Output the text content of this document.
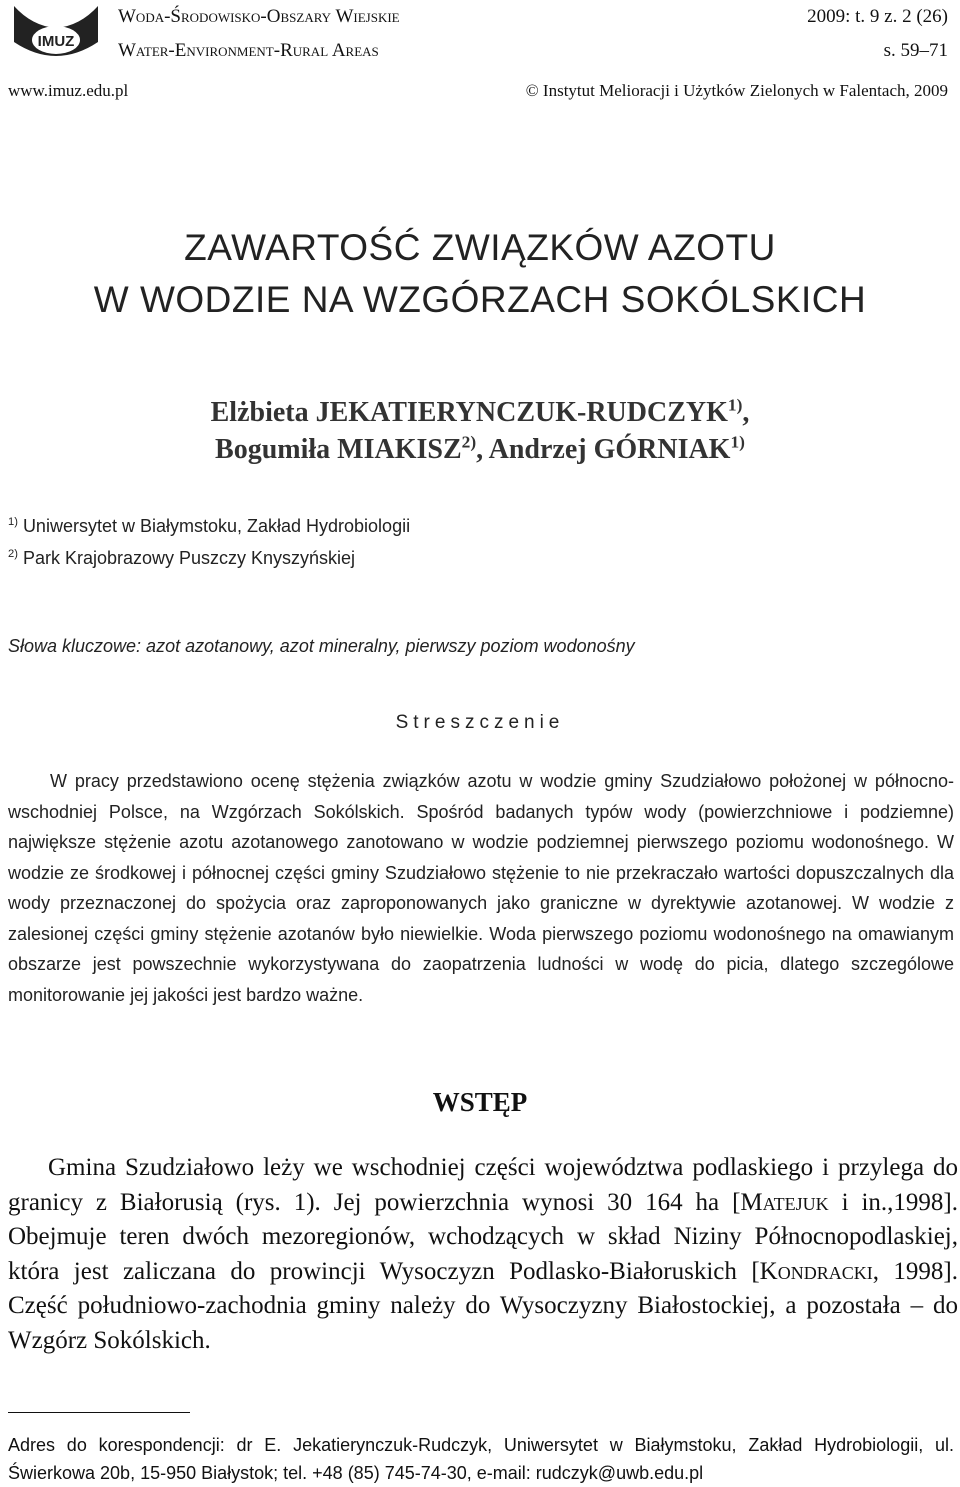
IMUZ
Woda-Środowisko-Obszary Wiejskie
Water-Environment-Rural Areas
2009: t. 9 z. 2 (26)
s. 59–71
www.imuz.edu.pl	© Instytut Melioracji i Użytków Zielonych w Falentach, 2009
ZAWARTOŚĆ ZWIĄZKÓW AZOTU
W WODZIE NA WZGÓRZACH SOKÓLSKICH
Elżbieta JEKATIERYNCZUK-RUDCZYK$^{1)}$,
Bogumiła MIAKISZ$^{2)}$, Andrzej GÓRNIAK$^{1)}$
$^{1)}$ Uniwersytet w Białymstoku, Zakład Hydrobiologii
$^{2)}$ Park Krajobrazowy Puszczy Knyszyńskiej
Słowa kluczowe: azot azotanowy, azot mineralny, pierwszy poziom wodonośny
Streszczenie

W pracy przedstawiono ocenę stężenia związków azotu w wodzie gminy Szudziałowo położonej w północno-wschodniej Polsce, na Wzgórzach Sokólskich. Spośród badanych typów wody (powierzchniowe i podziemne) największe stężenie azotu azotanowego zanotowano w wodzie podziemnej pierwszego poziomu wodonośnego. W wodzie ze środkowej i północnej części gminy Szudziałowo stężenie to nie przekraczało wartości dopuszczalnych dla wody przeznaczonej do spożycia oraz zaproponowanych jako graniczne w dyrektywie azotanowej. W wodzie z zalesionej części gminy stężenie azotanów było niewielkie. Woda pierwszego poziomu wodonośnego na omawianym obszarze jest powszechnie wykorzystywana do zaopatrzenia ludności w wodę do picia, dlatego szczególowe monitorowanie jej jakości jest bardzo ważne.

WSTĘP

Gmina Szudziałowo leży we wschodniej części województwa podlaskiego i przylega do granicy z Białorusią (rys. 1). Jej powierzchnia wynosi 30 164 ha [Matejuk i in.,1998]. Obejmuje teren dwóch mezoregionów, wchodzących w skład Niziny Północnopodlaskiej, która jest zaliczana do prowincji Wysoczyzn Podlasko-Białoruskich [Kondracki, 1998]. Część południowo-zachodnia gminy należy do Wysoczyzny Białostockiej, a pozostała – do Wzgórz Sokólskich.

Adres do korespondencji: dr E. Jekatierynczuk-Rudczyk, Uniwersytet w Białymstoku, Zakład Hydrobiologii, ul. Świerkowa 20b, 15-950 Białystok; tel. +48 (85) 745-74-30, e-mail: rudczyk@uwb.edu.pl
